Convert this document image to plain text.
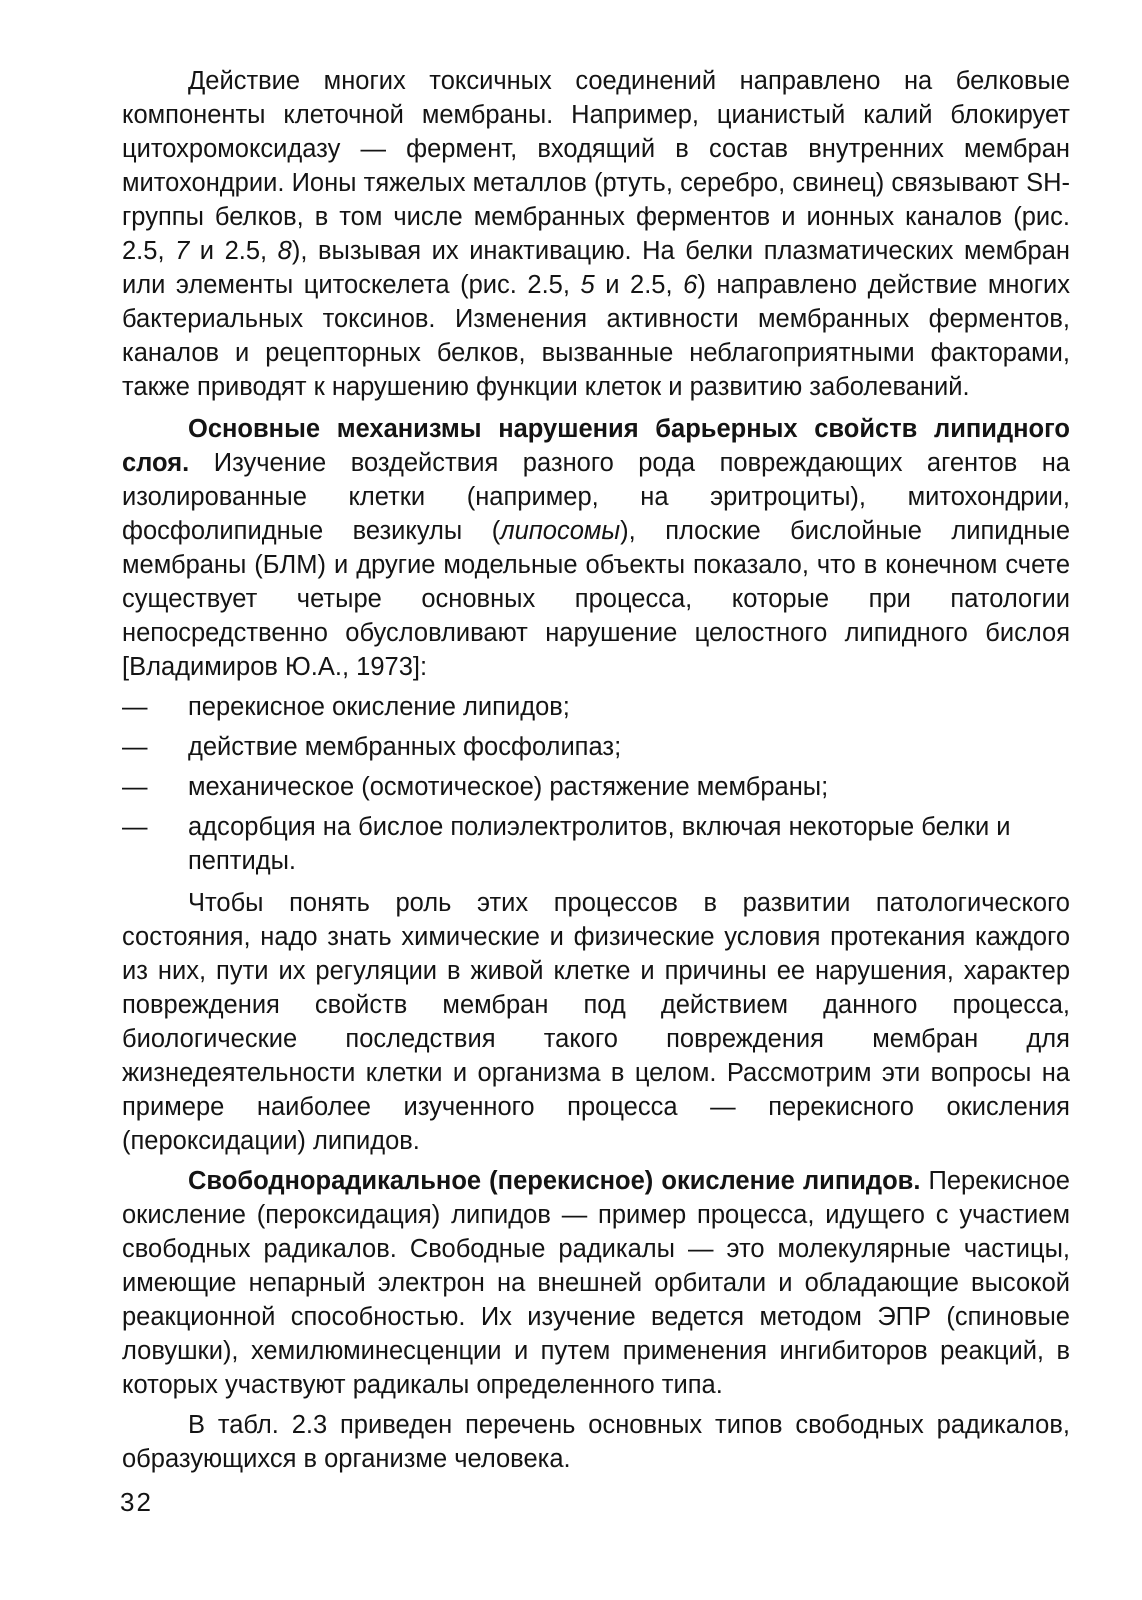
Действие многих токсичных соединений направлено на белковые компоненты клеточной мембраны. Например, цианистый калий блокирует цитохромоксидазу — фермент, входящий в состав внутренних мембран митохондрии. Ионы тяжелых металлов (ртуть, серебро, свинец) связывают SH-группы белков, в том числе мембранных ферментов и ионных каналов (рис. 2.5, 7 и 2.5, 8), вызывая их инактивацию. На белки плазматических мембран или элементы цитоскелета (рис. 2.5, 5 и 2.5, 6) направлено действие многих бактериальных токсинов. Изменения активности мембранных ферментов, каналов и рецепторных белков, вызванные неблагоприятными факторами, также приводят к нарушению функции клеток и развитию заболеваний.

Основные механизмы нарушения барьерных свойств липидного слоя. Изучение воздействия разного рода повреждающих агентов на изолированные клетки (например, на эритроциты), митохондрии, фосфолипидные везикулы (липосомы), плоские бислойные липидные мембраны (БЛМ) и другие модельные объекты показало, что в конечном счете существует четыре основных процесса, которые при патологии непосредственно обусловливают нарушение целостного липидного бислоя [Владимиров Ю.А., 1973]:

— перекисное окисление липидов;
— действие мембранных фосфолипаз;
— механическое (осмотическое) растяжение мембраны;
— адсорбция на бислое полиэлектролитов, включая некоторые белки и пептиды.

Чтобы понять роль этих процессов в развитии патологического состояния, надо знать химические и физические условия протекания каждого из них, пути их регуляции в живой клетке и причины ее нарушения, характер повреждения свойств мембран под действием данного процесса, биологические последствия такого повреждения мембран для жизнедеятельности клетки и организма в целом. Рассмотрим эти вопросы на примере наиболее изученного процесса — перекисного окисления (пероксидации) липидов.

Свободнорадикальное (перекисное) окисление липидов. Перекисное окисление (пероксидация) липидов — пример процесса, идущего с участием свободных радикалов. Свободные радикалы — это молекулярные частицы, имеющие непарный электрон на внешней орбитали и обладающие высокой реакционной способностью. Их изучение ведется методом ЭПР (спиновые ловушки), хемилюминесценции и путем применения ингибиторов реакций, в которых участвуют радикалы определенного типа.

В табл. 2.3 приведен перечень основных типов свободных радикалов, образующихся в организме человека.

32
